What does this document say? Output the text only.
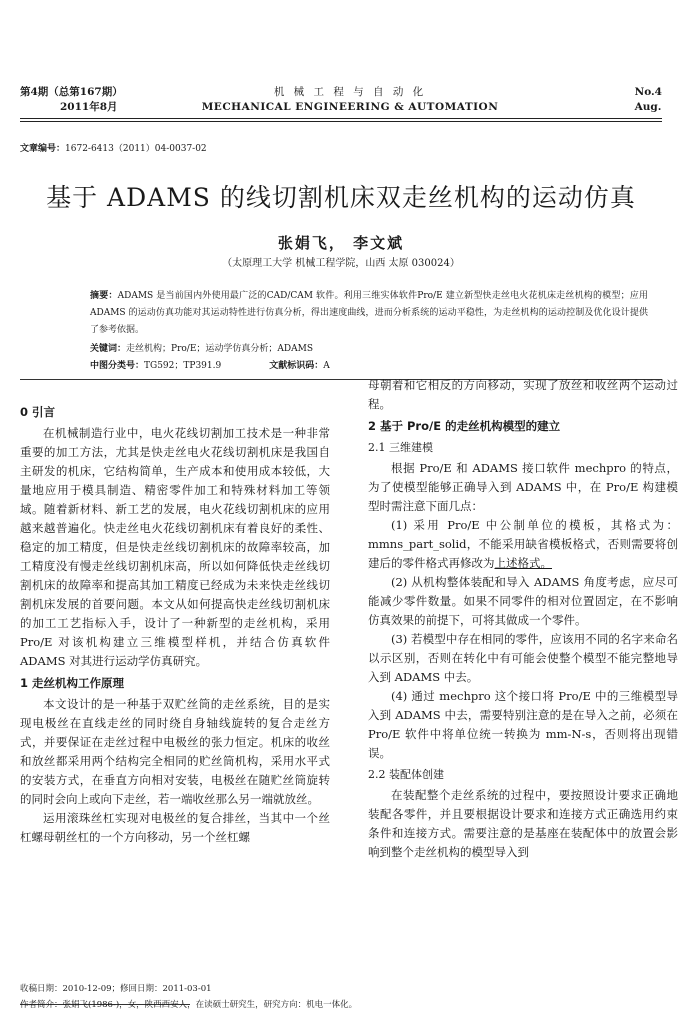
第4期（总第167期）
2011年8月
机 械 工 程 与 自 动 化
MECHANICAL ENGINEERING & AUTOMATION
No.4
Aug.
文章编号：1672-6413（2011）04-0037-02
基于 ADAMS 的线切割机床双走丝机构的运动仿真
张娟飞， 李文斌
（太原理工大学 机械工程学院，山西 太原 030024）
摘要：ADAMS 是当前国内外使用最广泛的CAD/CAM 软件。利用三维实体软件Pro/E 建立新型快走丝电火花机床走丝机构的模型；应用ADAMS 的运动仿真功能对其运动特性进行仿真分析，得出速度曲线，进而分析系统的运动平稳性，为走丝机构的运动控制及优化设计提供了参考依据。
关键词：走丝机构；Pro/E；运动学仿真分析；ADAMS
中图分类号：TG592；TP391.9	文献标识码：A

0 引言

在机械制造行业中，电火花线切割加工技术是一种非常重要的加工方法，尤其是快走丝电火花线切割机床是我国自主研发的机床，它结构简单，生产成本和使用成本较低，大量地应用于模具制造、精密零件加工和特殊材料加工等领域。随着新材料、新工艺的发展，电火花线切割机床的应用越来越普遍化。快走丝电火花线切割机床有着良好的柔性、稳定的加工精度，但是快走丝线切割机床的故障率较高，加工精度没有慢走丝线切割机床高，所以如何降低快走丝线切割机床的故障率和提高其加工精度已经成为未来快走丝线切割机床发展的首要问题。本文从如何提高快走丝线切割机床的加工工艺指标入手，设计了一种新型的走丝机构，采用 Pro/E 对该机构建立三维模型样机，并结合仿真软件 ADAMS 对其进行运动学仿真研究。

1 走丝机构工作原理

本文设计的是一种基于双贮丝筒的走丝系统，目的是实现电极丝在直线走丝的同时绕自身轴线旋转的复合走丝方式，并要保证在走丝过程中电极丝的张力恒定。机床的收丝和放丝都采用两个结构完全相同的贮丝筒机构，采用水平式的安装方式，在垂直方向相对安装，电极丝在随贮丝筒旋转的同时会向上或向下走丝，若一端收丝那么另一端就放丝。

运用滚珠丝杠实现对电极丝的复合排丝，当其中一个丝杠螺母朝丝杠的一个方向移动，另一个丝杠螺

母朝着和它相反的方向移动，实现了放丝和收丝两个运动过程。

2 基于 Pro/E 的走丝机构模型的建立

2.1 三维建模

根据 Pro/E 和 ADAMS 接口软件 mechpro 的特点，为了使模型能够正确导入到 ADAMS 中，在 Pro/E 构建模型时需注意下面几点：

(1) 采用 Pro/E 中公制单位的模板，其格式为：mmns_part_solid，不能采用缺省模板格式，否则需要将创建后的零件格式再修改为上述格式。

(2) 从机构整体装配和导入 ADAMS 角度考虑，应尽可能减少零件数量。如果不同零件的相对位置固定，在不影响仿真效果的前提下，可将其做成一个零件。

(3) 若模型中存在相同的零件，应该用不同的名字来命名以示区别，否则在转化中有可能会使整个模型不能完整地导入到 ADAMS 中去。

(4) 通过 mechpro 这个接口将 Pro/E 中的三维模型导入到 ADAMS 中去，需要特别注意的是在导入之前，必须在 Pro/E 软件中将单位统一转换为 mm-N-s，否则将出现错误。

2.2 装配体创建

在装配整个走丝系统的过程中，要按照设计要求正确地装配各零件，并且要根据设计要求和连接方式正确选用约束条件和连接方式。需要注意的是基座在装配体中的放置会影响到整个走丝机构的模型导入到

收稿日期：2010-12-09；修回日期：2011-03-01
作者简介：张娟飞(1986-)，女，陕西西安人，在读硕士研究生，研究方向：机电一体化。
